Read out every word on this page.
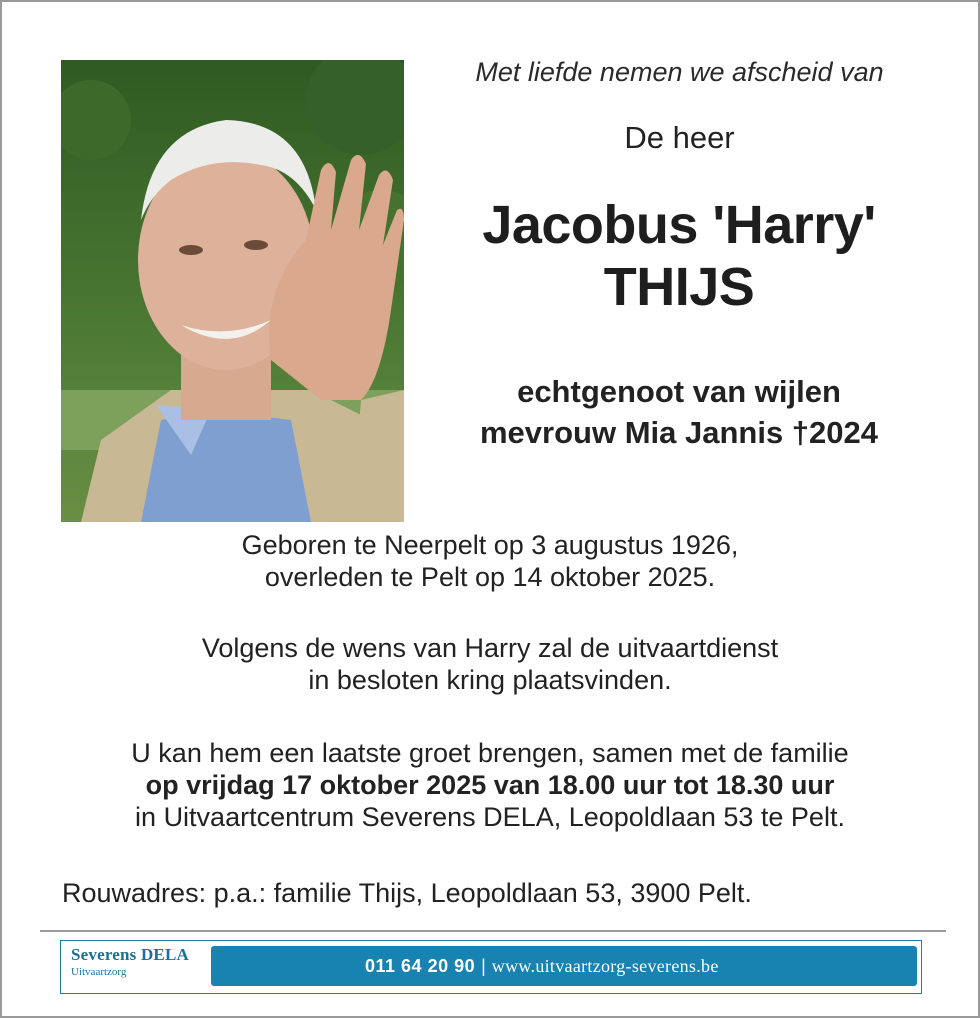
Met liefde nemen we afscheid van
De heer
Jacobus 'Harry'
THIJS
echtgenoot van wijlen
mevrouw Mia Jannis †2024
Geboren te Neerpelt op 3 augustus 1926,
overleden te Pelt op 14 oktober 2025.
Volgens de wens van Harry zal de uitvaartdienst
in besloten kring plaatsvinden.
U kan hem een laatste groet brengen, samen met de familie
op vrijdag 17 oktober 2025 van 18.00 uur tot 18.30 uur
in Uitvaartcentrum Severens DELA, Leopoldlaan 53 te Pelt.
Rouwadres: p.a.: familie Thijs, Leopoldlaan 53, 3900 Pelt.
Severens DELA
Uitvaartzorg	011 64 20 90 | www.uitvaartzorg-severens.be
